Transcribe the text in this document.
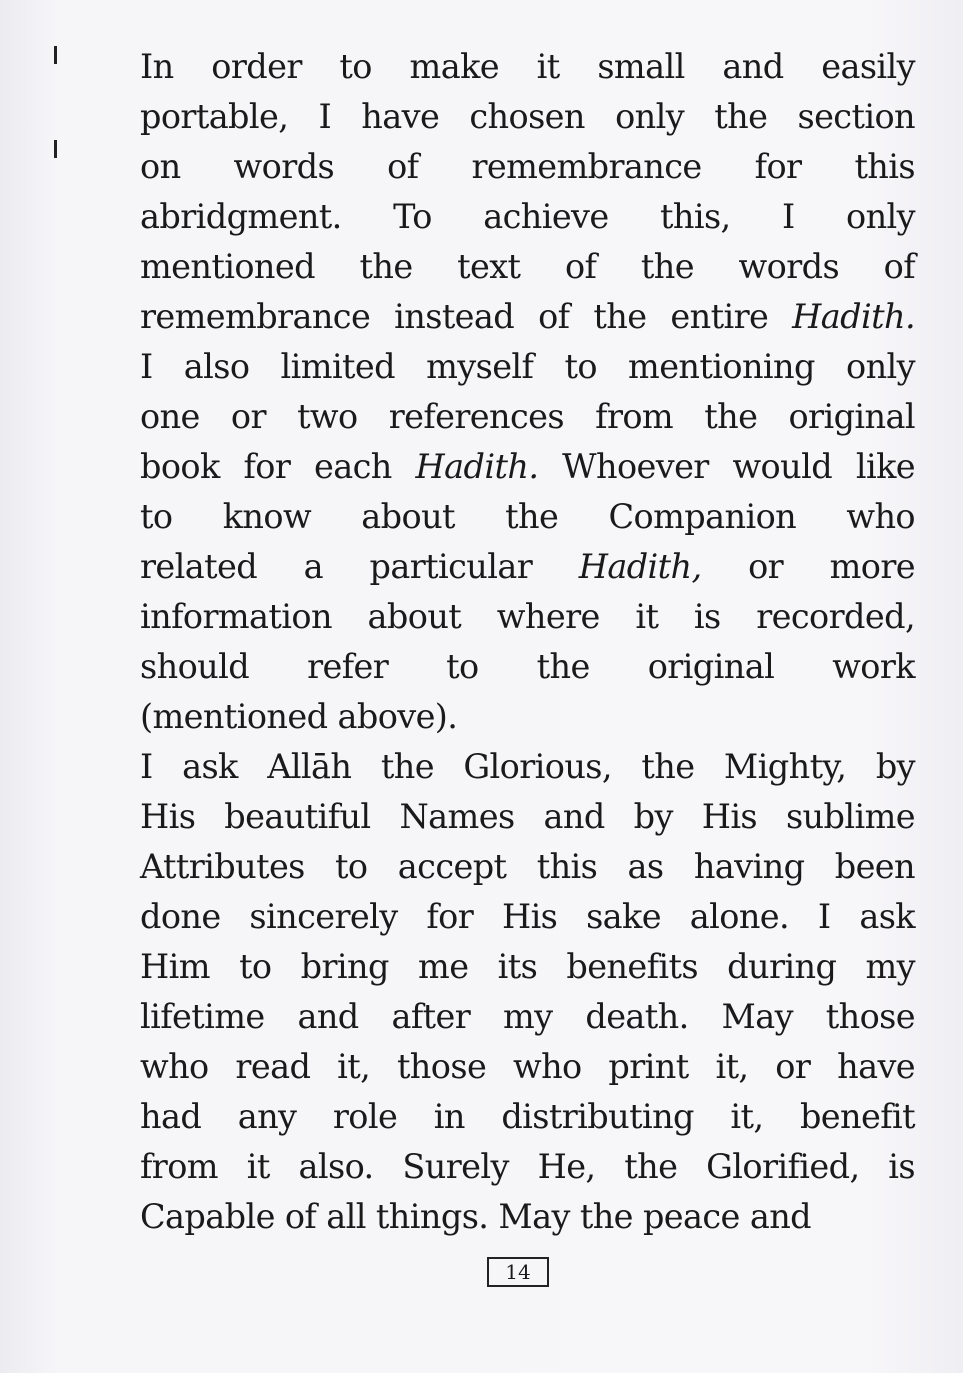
In order to make it small and easily
portable, I have chosen only the section
on words of remembrance for this
abridgment. To achieve this, I only
mentioned the text of the words of
remembrance instead of the entire Hadith.
I also limited myself to mentioning only
one or two references from the original
book for each Hadith. Whoever would like
to know about the Companion who
related a particular Hadith, or more
information about where it is recorded,
should refer to the original work
(mentioned above).
I ask Allāh the Glorious, the Mighty, by
His beautiful Names and by His sublime
Attributes to accept this as having been
done sincerely for His sake alone. I ask
Him to bring me its benefits during my
lifetime and after my death. May those
who read it, those who print it, or have
had any role in distributing it, benefit
from it also. Surely He, the Glorified, is
Capable of all things. May the peace and
14
